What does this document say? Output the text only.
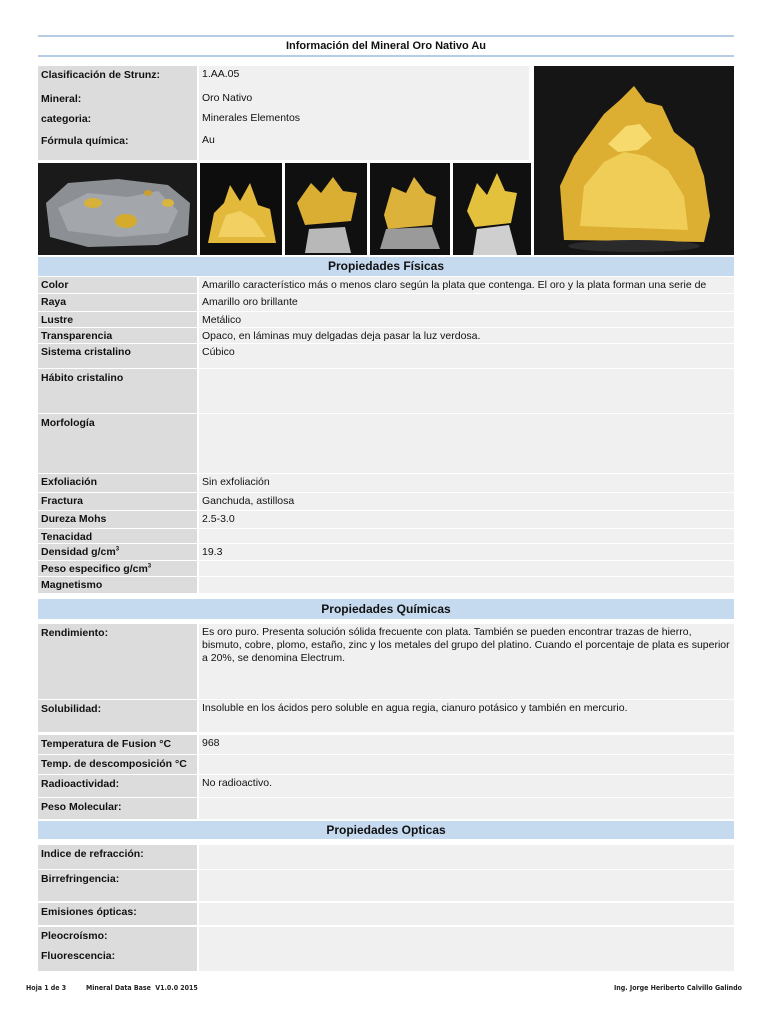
Información del Mineral Oro Nativo Au
Clasificación de Strunz:	1.AA.05
Mineral:	Oro Nativo
categoria:	Minerales Elementos
Fórmula química:	Au
Propiedades Físicas
Color	Amarillo característico más o menos claro según la plata que contenga. El oro y la plata forman una serie de
Raya	Amarillo oro brillante
Lustre	Metálico
Transparencia	Opaco, en láminas muy delgadas deja pasar la luz verdosa.
Sistema cristalino	Cúbico
Hábito cristalino
Morfología
Exfoliación	Sin exfoliación
Fractura	Ganchuda, astillosa
Dureza Mohs	2.5-3.0
Tenacidad
Densidad $g/cm^3$	19.3
Peso especifico $g/cm^3$
Magnetismo
Propiedades Químicas
Rendimiento:	Es oro puro. Presenta solución sólida frecuente con plata. También se pueden encontrar trazas de hierro, bismuto, cobre, plomo, estaño, zinc y los metales del grupo del platino. Cuando el porcentaje de plata es superior a 20%, se denomina Electrum.
Solubilidad:	Insoluble en los ácidos pero soluble en agua regia, cianuro potásico y también en mercurio.
Temperatura de Fusion °C	968
Temp. de descomposición °C
Radioactividad:	No radioactivo.
Peso Molecular:
Propiedades Opticas
Indice de refracción:
Birrefringencia:
Emisiones ópticas:
Pleocroísmo:
Fluorescencia:
Hoja 1 de 3	Mineral Data Base  V1.0.0 2015	Ing. Jorge Heriberto Calvillo Galindo
